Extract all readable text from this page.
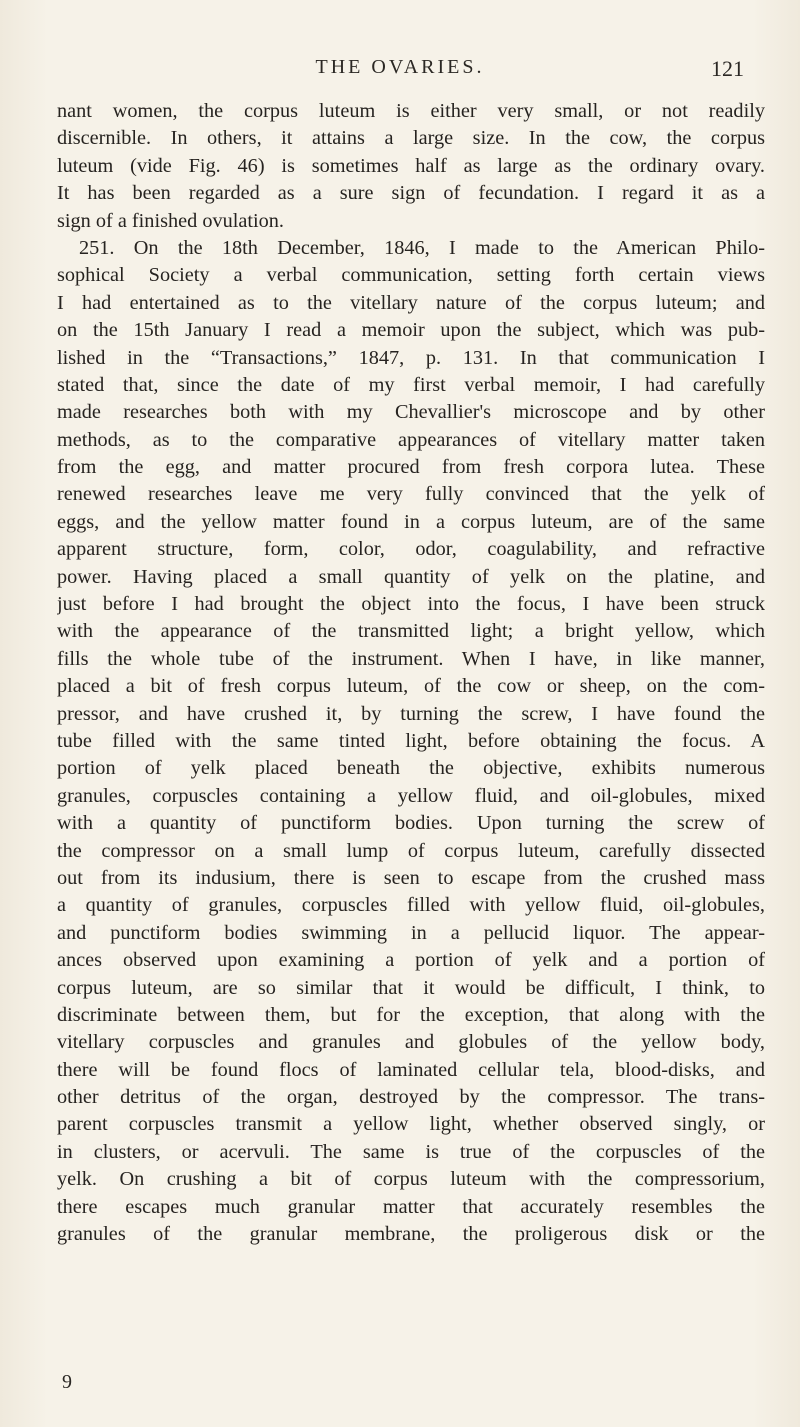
THE OVARIES.	121
nant women, the corpus luteum is either very small, or not readily
discernible. In others, it attains a large size. In the cow, the corpus
luteum (vide Fig. 46) is sometimes half as large as the ordinary ovary.
It has been regarded as a sure sign of fecundation. I regard it as a
sign of a finished ovulation.
251. On the 18th December, 1846, I made to the American Philo-
sophical Society a verbal communication, setting forth certain views
I had entertained as to the vitellary nature of the corpus luteum; and
on the 15th January I read a memoir upon the subject, which was pub-
lished in the “Transactions,” 1847, p. 131. In that communication I
stated that, since the date of my first verbal memoir, I had carefully
made researches both with my Chevallier's microscope and by other
methods, as to the comparative appearances of vitellary matter taken
from the egg, and matter procured from fresh corpora lutea. These
renewed researches leave me very fully convinced that the yelk of
eggs, and the yellow matter found in a corpus luteum, are of the same
apparent structure, form, color, odor, coagulability, and refractive
power. Having placed a small quantity of yelk on the platine, and
just before I had brought the object into the focus, I have been struck
with the appearance of the transmitted light; a bright yellow, which
fills the whole tube of the instrument. When I have, in like manner,
placed a bit of fresh corpus luteum, of the cow or sheep, on the com-
pressor, and have crushed it, by turning the screw, I have found the
tube filled with the same tinted light, before obtaining the focus. A
portion of yelk placed beneath the objective, exhibits numerous
granules, corpuscles containing a yellow fluid, and oil-globules, mixed
with a quantity of punctiform bodies. Upon turning the screw of
the compressor on a small lump of corpus luteum, carefully dissected
out from its indusium, there is seen to escape from the crushed mass
a quantity of granules, corpuscles filled with yellow fluid, oil-globules,
and punctiform bodies swimming in a pellucid liquor. The appear-
ances observed upon examining a portion of yelk and a portion of
corpus luteum, are so similar that it would be difficult, I think, to
discriminate between them, but for the exception, that along with the
vitellary corpuscles and granules and globules of the yellow body,
there will be found flocs of laminated cellular tela, blood-disks, and
other detritus of the organ, destroyed by the compressor. The trans-
parent corpuscles transmit a yellow light, whether observed singly, or
in clusters, or acervuli. The same is true of the corpuscles of the
yelk. On crushing a bit of corpus luteum with the compressorium,
there escapes much granular matter that accurately resembles the
granules of the granular membrane, the proligerous disk or the
9
